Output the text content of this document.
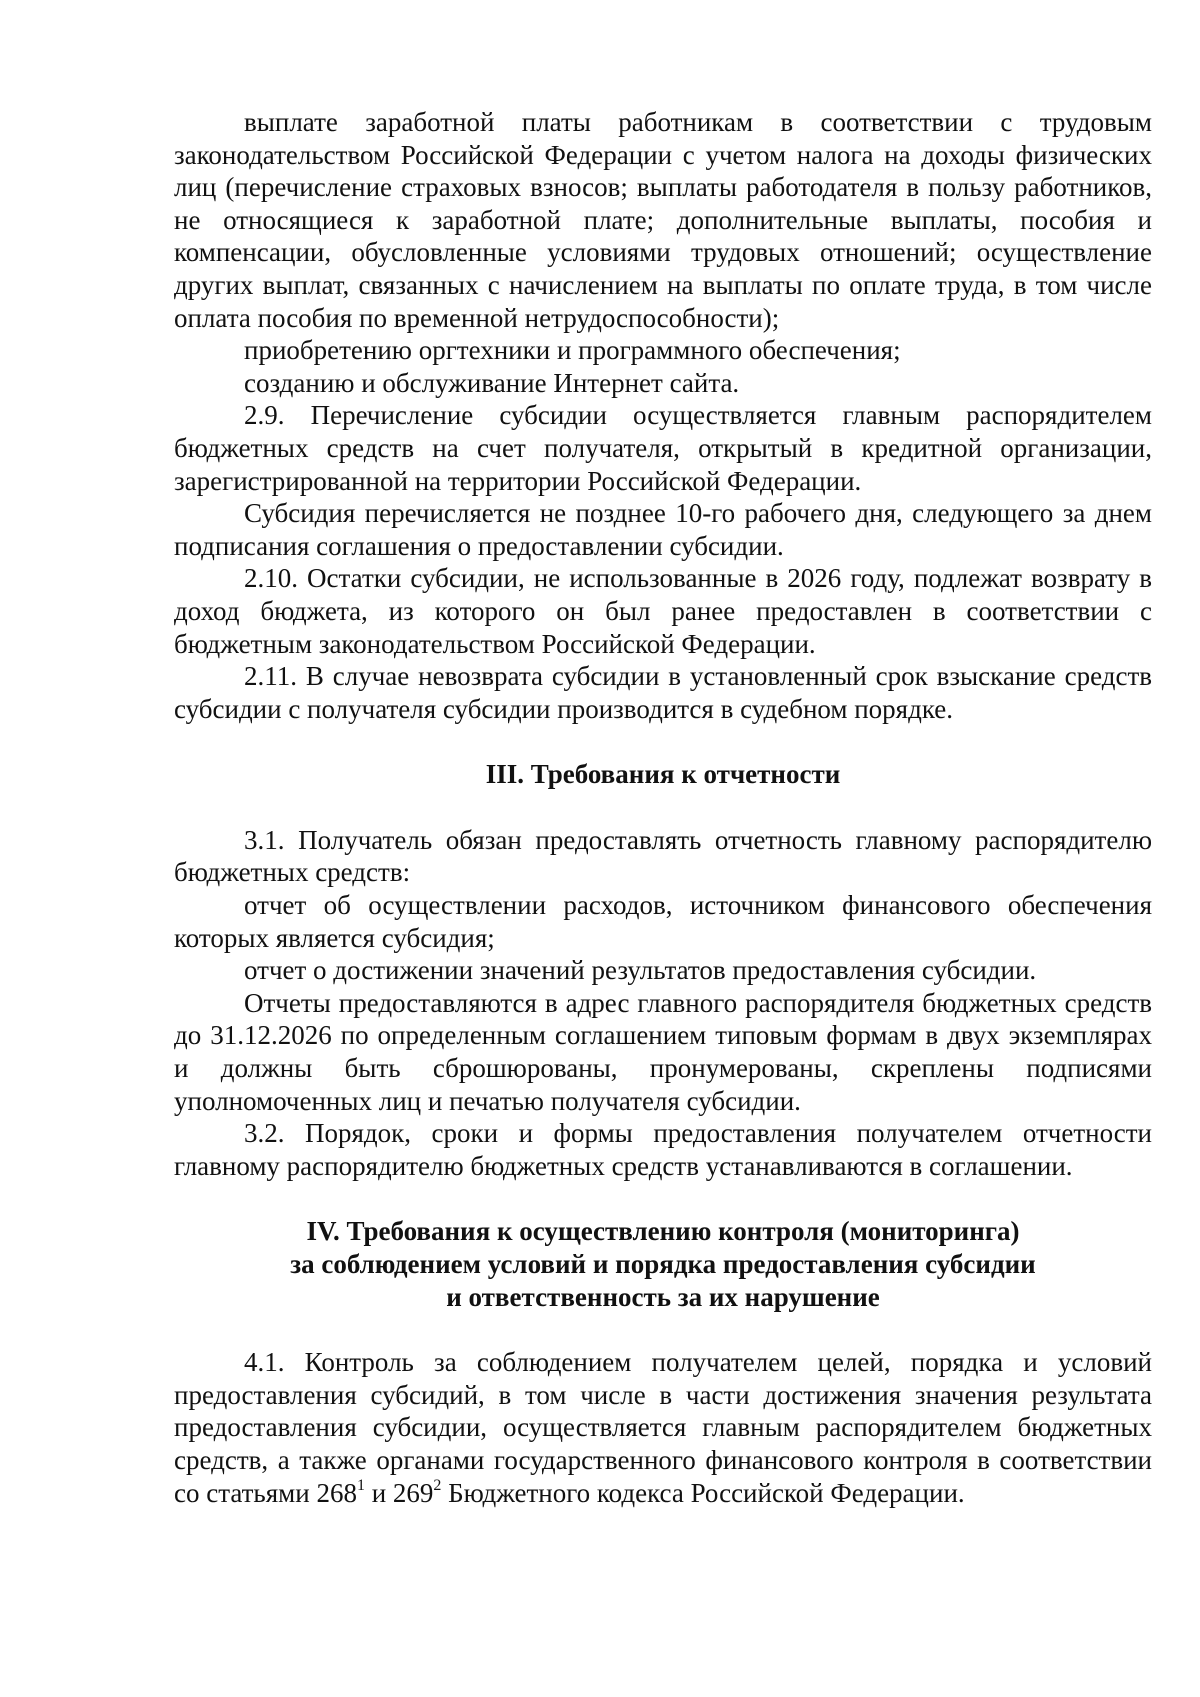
выплате заработной платы работникам в соответствии с трудовым законодательством Российской Федерации с учетом налога на доходы физических лиц (перечисление страховых взносов; выплаты работодателя в пользу работников, не относящиеся к заработной плате; дополнительные выплаты, пособия и компенсации, обусловленные условиями трудовых отношений; осуществление других выплат, связанных с начислением на выплаты по оплате труда, в том числе оплата пособия по временной нетрудоспособности);

приобретению оргтехники и программного обеспечения;

созданию и обслуживание Интернет сайта.

2.9. Перечисление субсидии осуществляется главным распорядителем бюджетных средств на счет получателя, открытый в кредитной организации, зарегистрированной на территории Российской Федерации.

Субсидия перечисляется не позднее 10-го рабочего дня, следующего за днем подписания соглашения о предоставлении субсидии.

2.10. Остатки субсидии, не использованные в 2026 году, подлежат возврату в доход бюджета, из которого он был ранее предоставлен в соответствии с бюджетным законодательством Российской Федерации.

2.11. В случае невозврата субсидии в установленный срок взыскание средств субсидии с получателя субсидии производится в судебном порядке.

III. Требования к отчетности

3.1. Получатель обязан предоставлять отчетность главному распорядителю бюджетных средств:

отчет об осуществлении расходов, источником финансового обеспечения которых является субсидия;

отчет о достижении значений результатов предоставления субсидии.

Отчеты предоставляются в адрес главного распорядителя бюджетных средств до 31.12.2026 по определенным соглашением типовым формам в двух экземплярах и должны быть сброшюрованы, пронумерованы, скреплены подписями уполномоченных лиц и печатью получателя субсидии.

3.2. Порядок, сроки и формы предоставления получателем отчетности главному распорядителю бюджетных средств устанавливаются в соглашении.

IV. Требования к осуществлению контроля (мониторинга)
за соблюдением условий и порядка предоставления субсидии
и ответственность за их нарушение

4.1. Контроль за соблюдением получателем целей, порядка и условий предоставления субсидий, в том числе в части достижения значения результата предоставления субсидии, осуществляется главным распорядителем бюджетных средств, а также органами государственного финансового контроля в соответствии со статьями $268^1$ и $269^2$ Бюджетного кодекса Российской Федерации.
